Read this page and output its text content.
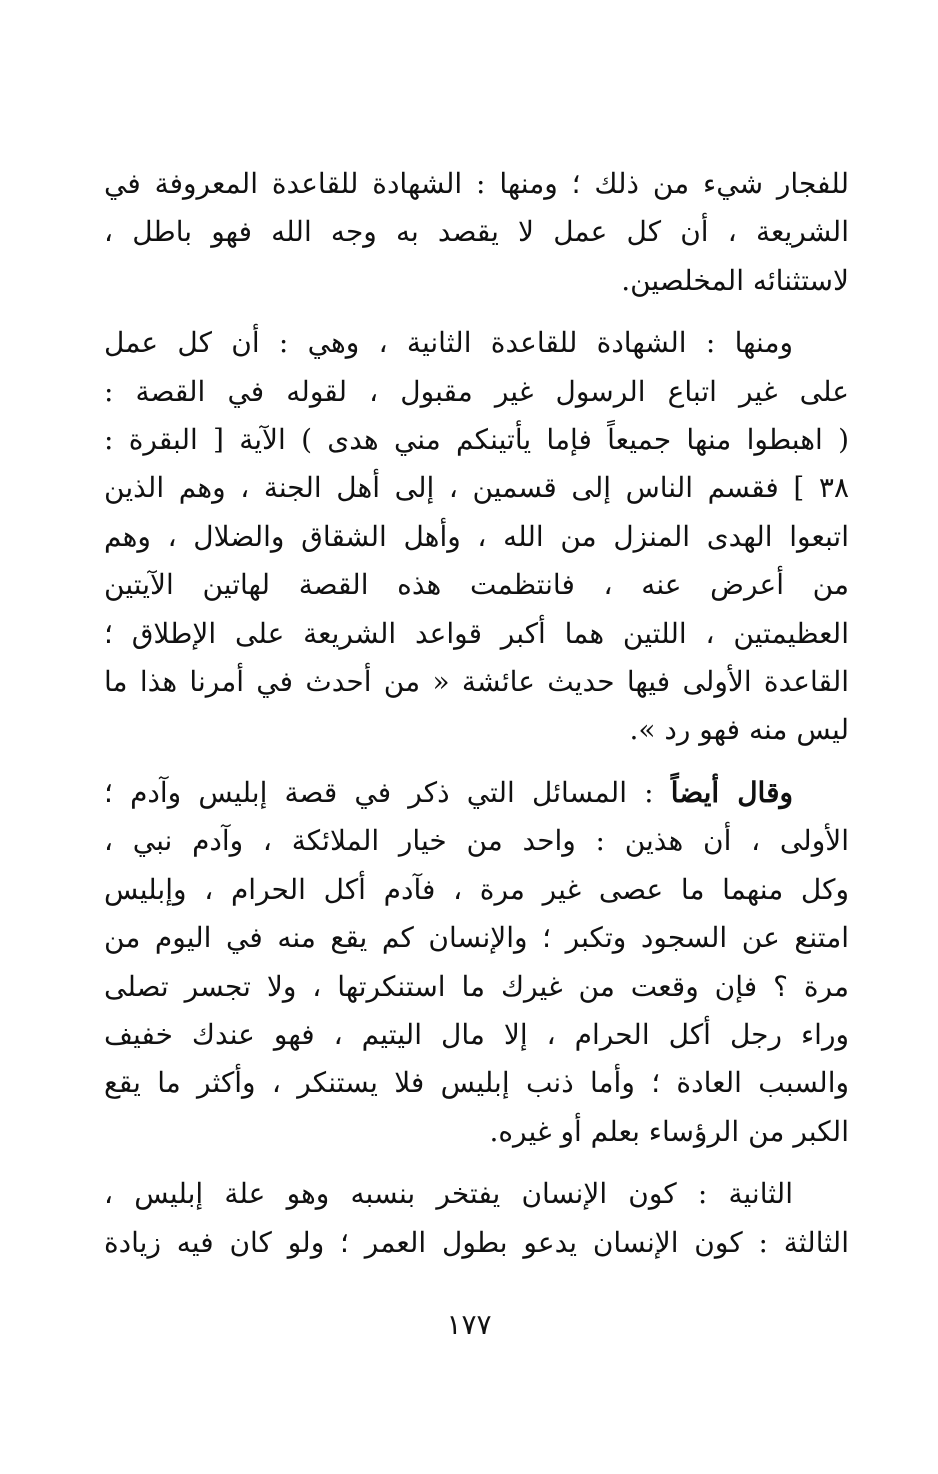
للفجار شيء من ذلك ؛ ومنها : الشهادة للقاعدة المعروفة في
الشريعة ، أن كل عمل لا يقصد به وجه الله فهو باطل ،
لاستثنائه المخلصين.

ومنها : الشهادة للقاعدة الثانية ، وهي : أن كل عمل
على غير اتباع الرسول غير مقبول ، لقوله في القصة :
( اهبطوا منها جميعاً فإما يأتينكم مني هدى ) الآية [ البقرة :
٣٨ ] فقسم الناس إلى قسمين ، إلى أهل الجنة ، وهم الذين
اتبعوا الهدى المنزل من الله ، وأهل الشقاق والضلال ، وهم
من أعرض عنه ، فانتظمت هذه القصة لهاتين الآيتين
العظيمتين ، اللتين هما أكبر قواعد الشريعة على الإطلاق ؛
القاعدة الأولى فيها حديث عائشة « من أحدث في أمرنا هذا ما
ليس منه فهو رد ».

وقال أيضاً : المسائل التي ذكر في قصة إبليس وآدم ؛
الأولى ، أن هذين : واحد من خيار الملائكة ، وآدم نبي ،
وكل منهما ما عصى غير مرة ، فآدم أكل الحرام ، وإبليس
امتنع عن السجود وتكبر ؛ والإنسان كم يقع منه في اليوم من
مرة ؟ فإن وقعت من غيرك ما استنكرتها ، ولا تجسر تصلى
وراء رجل أكل الحرام ، إلا مال اليتيم ، فهو عندك خفيف
والسبب العادة ؛ وأما ذنب إبليس فلا يستنكر ، وأكثر ما يقع
الكبر من الرؤساء بعلم أو غيره.

الثانية : كون الإنسان يفتخر بنسبه وهو علة إبليس ،
الثالثة : كون الإنسان يدعو بطول العمر ؛ ولو كان فيه زيادة

١٧٧
